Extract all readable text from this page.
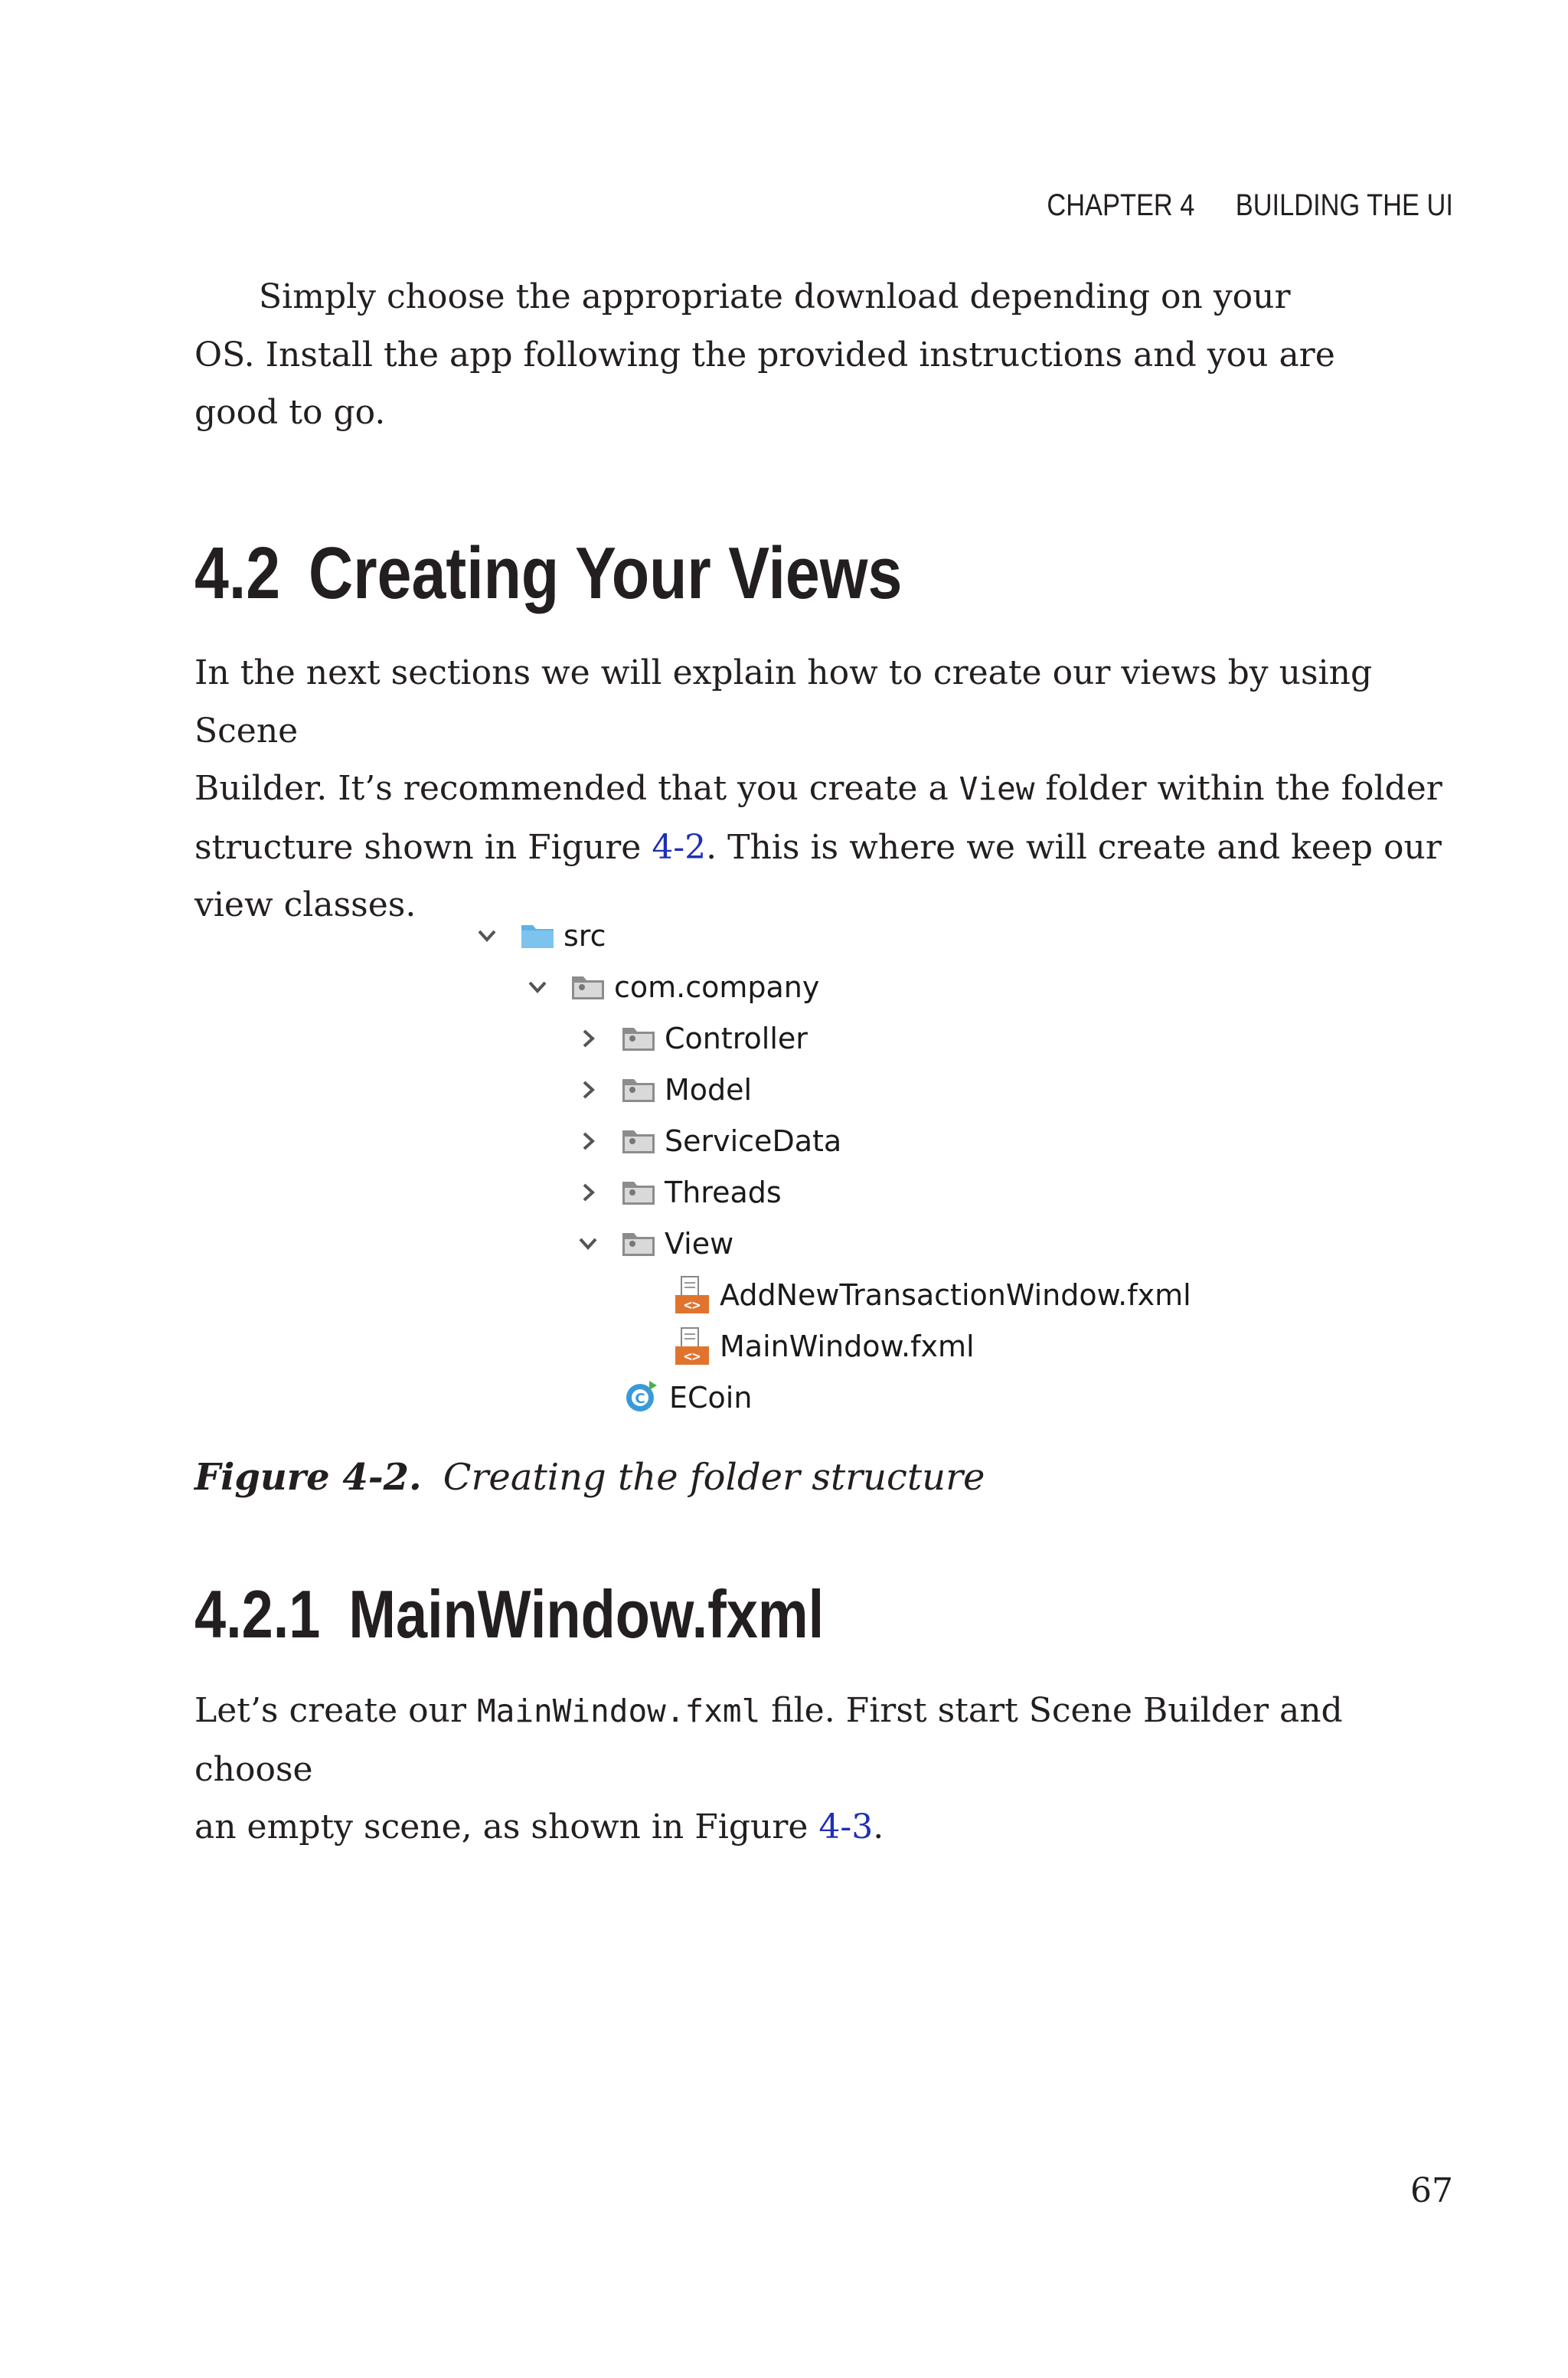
CHAPTER 4 BUILDING THE UI
Simply choose the appropriate download depending on your
OS. Install the app following the provided instructions and you are
good to go.
4.2 Creating Your Views
In the next sections we will explain how to create our views by using Scene
Builder. It’s recommended that you create a View folder within the folder
structure shown in Figure 4-2. This is where we will create and keep our
view classes.
src
com.company
Controller
Model
ServiceData
Threads
View
<> AddNewTransactionWindow.fxml
<> MainWindow.fxml
C ECoin
Figure 4-2. Creating the folder structure
4.2.1 MainWindow.fxml
Let’s create our MainWindow.fxml file. First start Scene Builder and choose
an empty scene, as shown in Figure 4-3.
67
